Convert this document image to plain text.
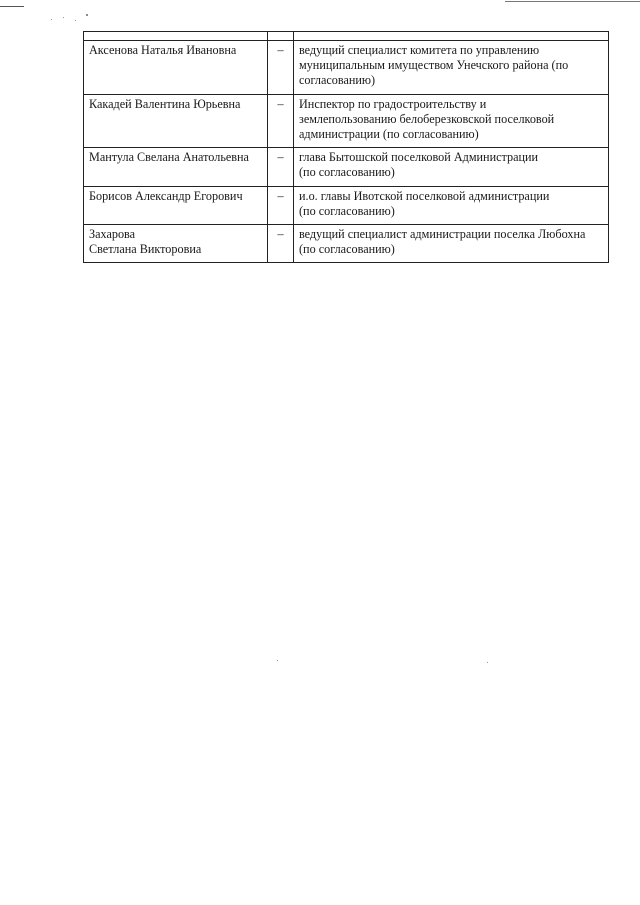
Аксенова Наталья Ивановна	–	ведущий специалист комитета по управлению
муниципальным имуществом Унечского района (по
согласованию)

Какадей Валентина Юрьевна	–	Инспектор по градостроительству и
землепользованию белоберезковской поселковой
администрации (по согласованию)

Мантула Свелана Анатольевна	–	глава Бытошской поселковой Администрации
(по согласованию)

Борисов Александр Егорович	–	и.о. главы Ивотской поселковой администрации
(по согласованию)

Захарова
Светлана Викторовиа	–	ведущий специалист администрации поселка Любохна
(по согласованию)
